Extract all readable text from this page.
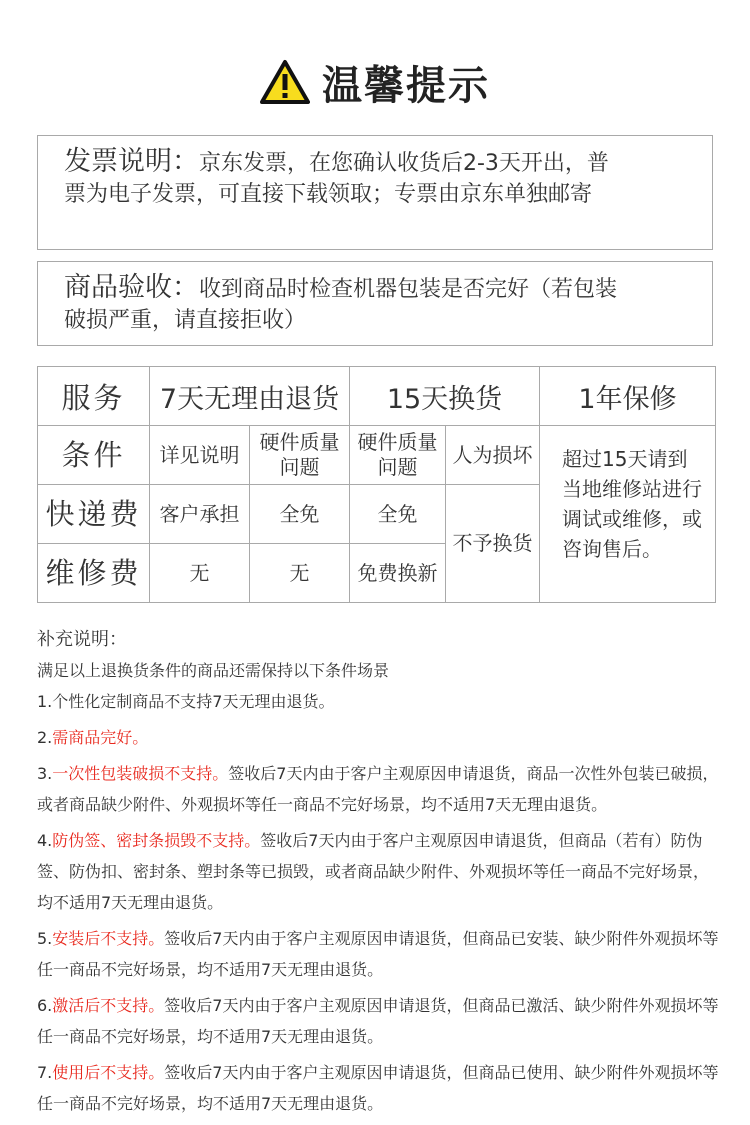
温馨提示
发票说明：京东发票，在您确认收货后2-3天开出，普
票为电子发票，可直接下载领取；专票由京东单独邮寄
商品验收：收到商品时检查机器包装是否完好（若包装
破损严重，请直接拒收）
服务	7天无理由退货		15天换货		1年保修
条件	详见说明	硬件质量问题	硬件质量问题	人为损坏	超过15天请到当地维修站进行调试或维修，或咨询售后。
快递费	客户承担	全免	全免	不予换货	
维修费	无	无	免费换新		

补充说明：

满足以上退换货条件的商品还需保持以下条件场景

1.个性化定制商品不支持7天无理由退货。

2.需商品完好。

3.一次性包装破损不支持。签收后7天内由于客户主观原因申请退货，商品一次性外包装已破损，或者商品缺少附件、外观损坏等任一商品不完好场景，均不适用7天无理由退货。

4.防伪签、密封条损毁不支持。签收后7天内由于客户主观原因申请退货，但商品（若有）防伪签、防伪扣、密封条、塑封条等已损毁，或者商品缺少附件、外观损坏等任一商品不完好场景，均不适用7天无理由退货。

5.安装后不支持。签收后7天内由于客户主观原因申请退货，但商品已安装、缺少附件外观损坏等任一商品不完好场景，均不适用7天无理由退货。

6.激活后不支持。签收后7天内由于客户主观原因申请退货，但商品已激活、缺少附件外观损坏等任一商品不完好场景，均不适用7天无理由退货。

7.使用后不支持。签收后7天内由于客户主观原因申请退货，但商品已使用、缺少附件外观损坏等任一商品不完好场景，均不适用7天无理由退货。
